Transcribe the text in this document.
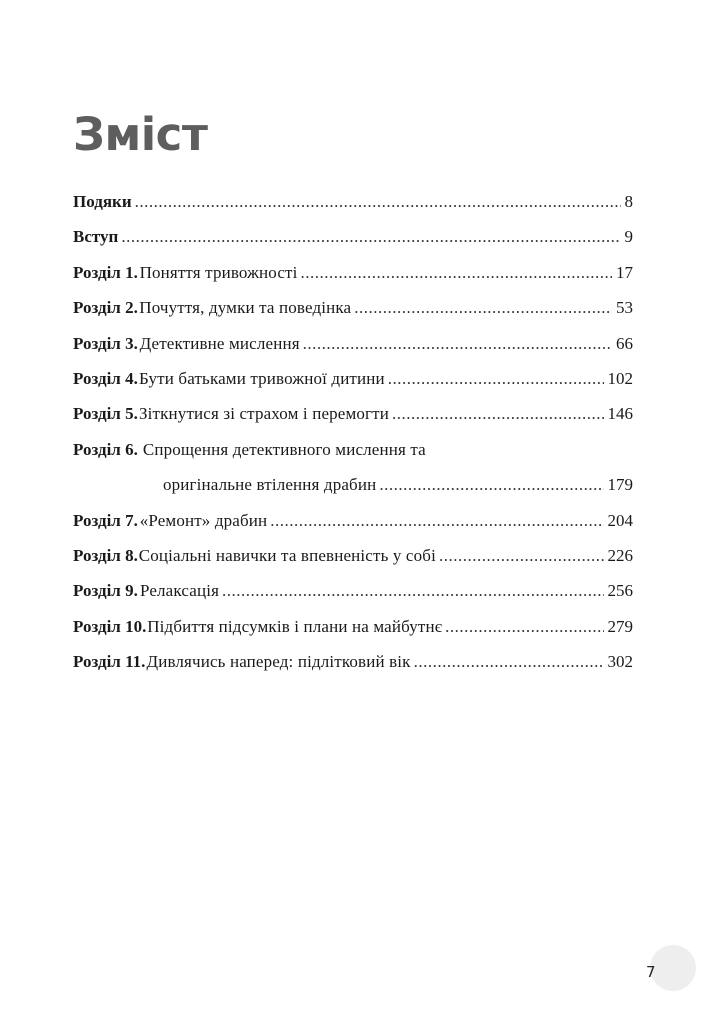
Зміст
Подяки .....	8
Вступ .....	9
Розділ 1. Поняття тривожності .....	17
Розділ 2. Почуття, думки та поведінка .....	53
Розділ 3. Детективне мислення .....	66
Розділ 4. Бути батьками тривожної дитини .....	102
Розділ 5. Зіткнутися зі страхом і перемогти .....	146
Розділ 6. Спрощення детективного мислення та
оригінальне втілення драбин .....	179
Розділ 7. «Ремонт» драбин .....	204
Розділ 8. Соціальні навички та впевненість у собі .....	226
Розділ 9. Релаксація .....	256
Розділ 10. Підбиття підсумків і плани на майбутнє .....	279
Розділ 11. Дивлячись наперед: підлітковий вік .....	302
7
